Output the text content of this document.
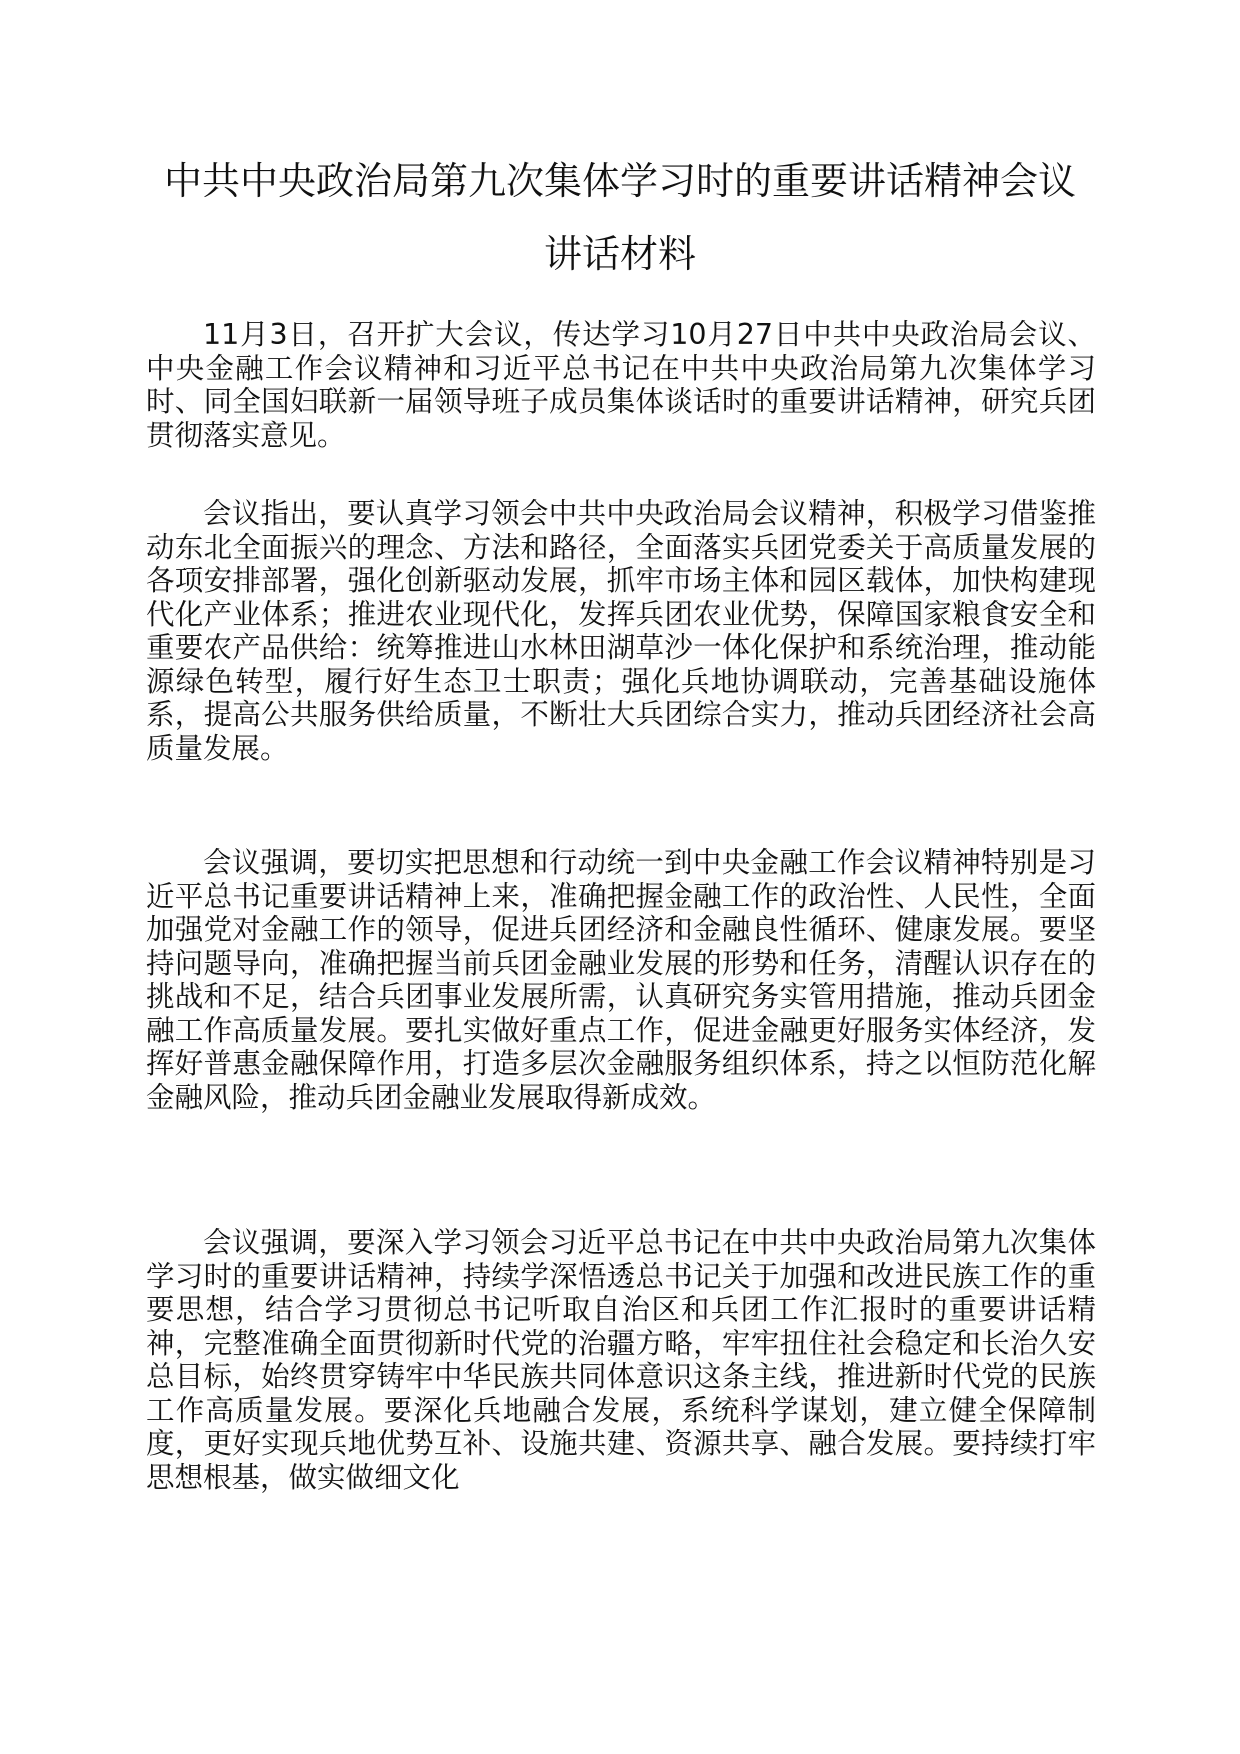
中共中央政治局第九次集体学习时的重要讲话精神会议
讲话材料

11月3日，召开扩大会议，传达学习10月27日中共中央政治局会议、中央金融工作会议精神和习近平总书记在中共中央政治局第九次集体学习时、同全国妇联新一届领导班子成员集体谈话时的重要讲话精神，研究兵团贯彻落实意见。

会议指出，要认真学习领会中共中央政治局会议精神，积极学习借鉴推动东北全面振兴的理念、方法和路径，全面落实兵团党委关于高质量发展的各项安排部署，强化创新驱动发展，抓牢市场主体和园区载体，加快构建现代化产业体系；推进农业现代化，发挥兵团农业优势，保障国家粮食安全和重要农产品供给：统筹推进山水林田湖草沙一体化保护和系统治理，推动能源绿色转型，履行好生态卫士职责；强化兵地协调联动，完善基础设施体系，提高公共服务供给质量，不断壮大兵团综合实力，推动兵团经济社会高质量发展。

会议强调，要切实把思想和行动统一到中央金融工作会议精神特别是习近平总书记重要讲话精神上来，准确把握金融工作的政治性、人民性，全面加强党对金融工作的领导，促进兵团经济和金融良性循环、健康发展。要坚持问题导向，准确把握当前兵团金融业发展的形势和任务，清醒认识存在的挑战和不足，结合兵团事业发展所需，认真研究务实管用措施，推动兵团金融工作高质量发展。要扎实做好重点工作，促进金融更好服务实体经济，发挥好普惠金融保障作用，打造多层次金融服务组织体系，持之以恒防范化解金融风险，推动兵团金融业发展取得新成效。

会议强调，要深入学习领会习近平总书记在中共中央政治局第九次集体学习时的重要讲话精神，持续学深悟透总书记关于加强和改进民族工作的重要思想，结合学习贯彻总书记听取自治区和兵团工作汇报时的重要讲话精神，完整准确全面贯彻新时代党的治疆方略，牢牢扭住社会稳定和长治久安总目标，始终贯穿铸牢中华民族共同体意识这条主线，推进新时代党的民族工作高质量发展。要深化兵地融合发展，系统科学谋划，建立健全保障制度，更好实现兵地优势互补、设施共建、资源共享、融合发展。要持续打牢思想根基，做实做细文化
